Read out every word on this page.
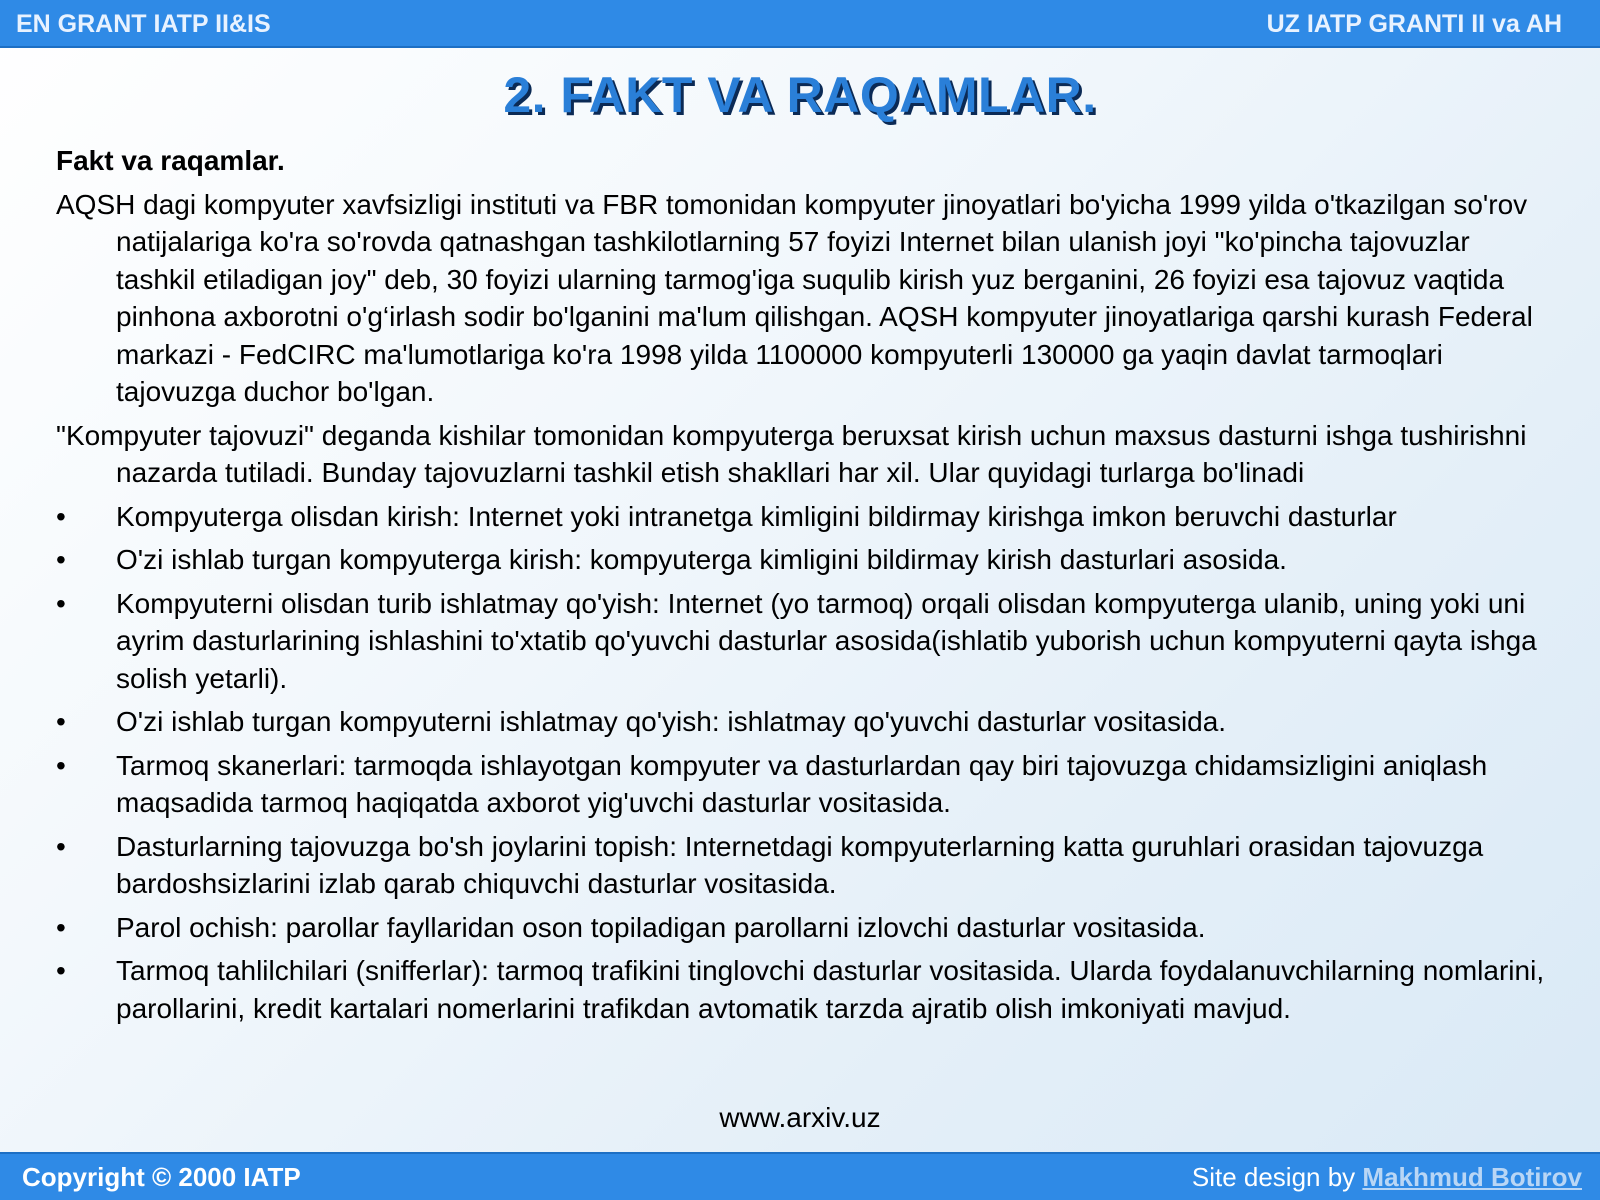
EN GRANT IATP II&IS	UZ IATP GRANTI II va AH
2. FAKT VA RAQAMLAR.
Fakt va raqamlar.
AQSH dagi kompyuter xavfsizligi instituti va FBR tomonidan kompyuter jinoyatlari bo'yicha 1999 yilda o'tkazilgan so'rov natijalariga ko'ra so'rovda qatnashgan tashkilotlarning 57 foyizi Internet bilan ulanish joyi "ko'pincha tajovuzlar tashkil etiladigan joy" deb, 30 foyizi ularning tarmog'iga suqulib kirish yuz berganini, 26 foyizi esa tajovuz vaqtida pinhona axborotni o'g‘irlash sodir bo'lganini ma'lum qilishgan. AQSH kompyuter jinoyatlariga qarshi kurash Federal markazi - FedCIRC ma'lumotlariga ko'ra 1998 yilda 1100000 kompyuterli 130000 ga yaqin davlat tarmoqlari tajovuzga duchor bo'lgan.
"Kompyuter tajovuzi" deganda kishilar tomonidan kompyuterga beruxsat kirish uchun maxsus dasturni ishga tushirishni nazarda tutiladi. Bunday tajovuzlarni tashkil etish shakllari har xil. Ular quyidagi turlarga bo'linadi
• Kompyuterga olisdan kirish: Internet yoki intranetga kimligini bildirmay kirishga imkon beruvchi dasturlar
• O'zi ishlab turgan kompyuterga kirish: kompyuterga kimligini bildirmay kirish dasturlari asosida.
• Kompyuterni olisdan turib ishlatmay qo'yish: Internet (yo tarmoq) orqali olisdan kompyuterga ulanib, uning yoki uni ayrim dasturlarining ishlashini to'xtatib qo'yuvchi dasturlar asosida(ishlatib yuborish uchun kompyuterni qayta ishga solish yetarli).
• O'zi ishlab turgan kompyuterni ishlatmay qo'yish: ishlatmay qo'yuvchi dasturlar vositasida.
• Tarmoq skanerlari: tarmoqda ishlayotgan kompyuter va dasturlardan qay biri tajovuzga chidamsizligini aniqlash maqsadida tarmoq haqiqatda axborot yig'uvchi dasturlar vositasida.
• Dasturlarning tajovuzga bo'sh joylarini topish: Internetdagi kompyuterlarning katta guruhlari orasidan tajovuzga bardoshsizlarini izlab qarab chiquvchi dasturlar vositasida.
• Parol ochish: parollar fayllaridan oson topiladigan parollarni izlovchi dasturlar vositasida.
• Tarmoq tahlilchilari (snifferlar): tarmoq trafikini tinglovchi dasturlar vositasida. Ularda foydalanuvchilarning nomlarini, parollarini, kredit kartalari nomerlarini trafikdan avtomatik tarzda ajratib olish imkoniyati mavjud.
www.arxiv.uz
Copyright © 2000 IATP	Site design by Makhmud Botirov
